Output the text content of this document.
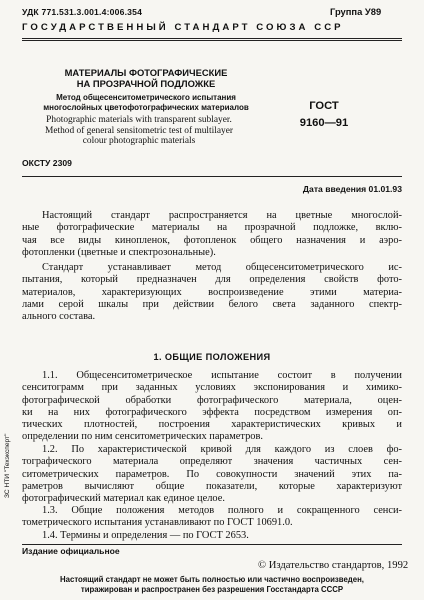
УДК 771.531.3.001.4:006.354	Группа У89
ГОСУДАРСТВЕННЫЙ СТАНДАРТ СОЮЗА ССР
МАТЕРИАЛЫ ФОТОГРАФИЧЕСКИЕ
НА ПРОЗРАЧНОЙ ПОДЛОЖКЕ
Метод общесенситометрического испытания
многослойных цветофотографических материалов
Photographic materials with transparent sublayer.
Method of general sensitometric test of multilayer
colour photographic materials
ГОСТ
9160—91
ОКСТУ 2309
Дата введения 01.01.93
Настоящий стандарт распространяется на цветные многослой-
ные фотографические материалы на прозрачной подложке, вклю-
чая все виды кинопленок, фотопленок общего назначения и аэро-
фотопленки (цветные и спектрозональные).
Стандарт устанавливает метод общесенситометрического ис-
пытания, который предназначен для определения свойств фото-
материалов, характеризующих воспроизведение этими материа-
лами серой шкалы при действии белого света заданного спектр-
ального состава.
1. ОБЩИЕ ПОЛОЖЕНИЯ
1.1. Общесенситометрическое испытание состоит в получении
сенситограмм при заданных условиях экспонирования и химико-
фотографической обработки фотографического материала, оцен-
ки на них фотографического эффекта посредством измерения оп-
тических плотностей, построения характеристических кривых и
определении по ним сенситометрических параметров.
1.2. По характеристической кривой для каждого из слоев фо-
тографического материала определяют значения частичных сен-
ситометрических параметров. По совокупности значений этих па-
раметров вычисляют общие показатели, которые характеризуют
фотографический материал как единое целое.
1.3. Общие положения методов полного и сокращенного сенси-
тометрического испытания устанавливают по ГОСТ 10691.0.
1.4. Термины и определения — по ГОСТ 2653.
ЗС НТИ "Техэксперт"
Издание официальное
© Издательство стандартов, 1992
Настоящий стандарт не может быть полностью или частично воспроизведен,
тиражирован и распространен без разрешения Госстандарта СССР
